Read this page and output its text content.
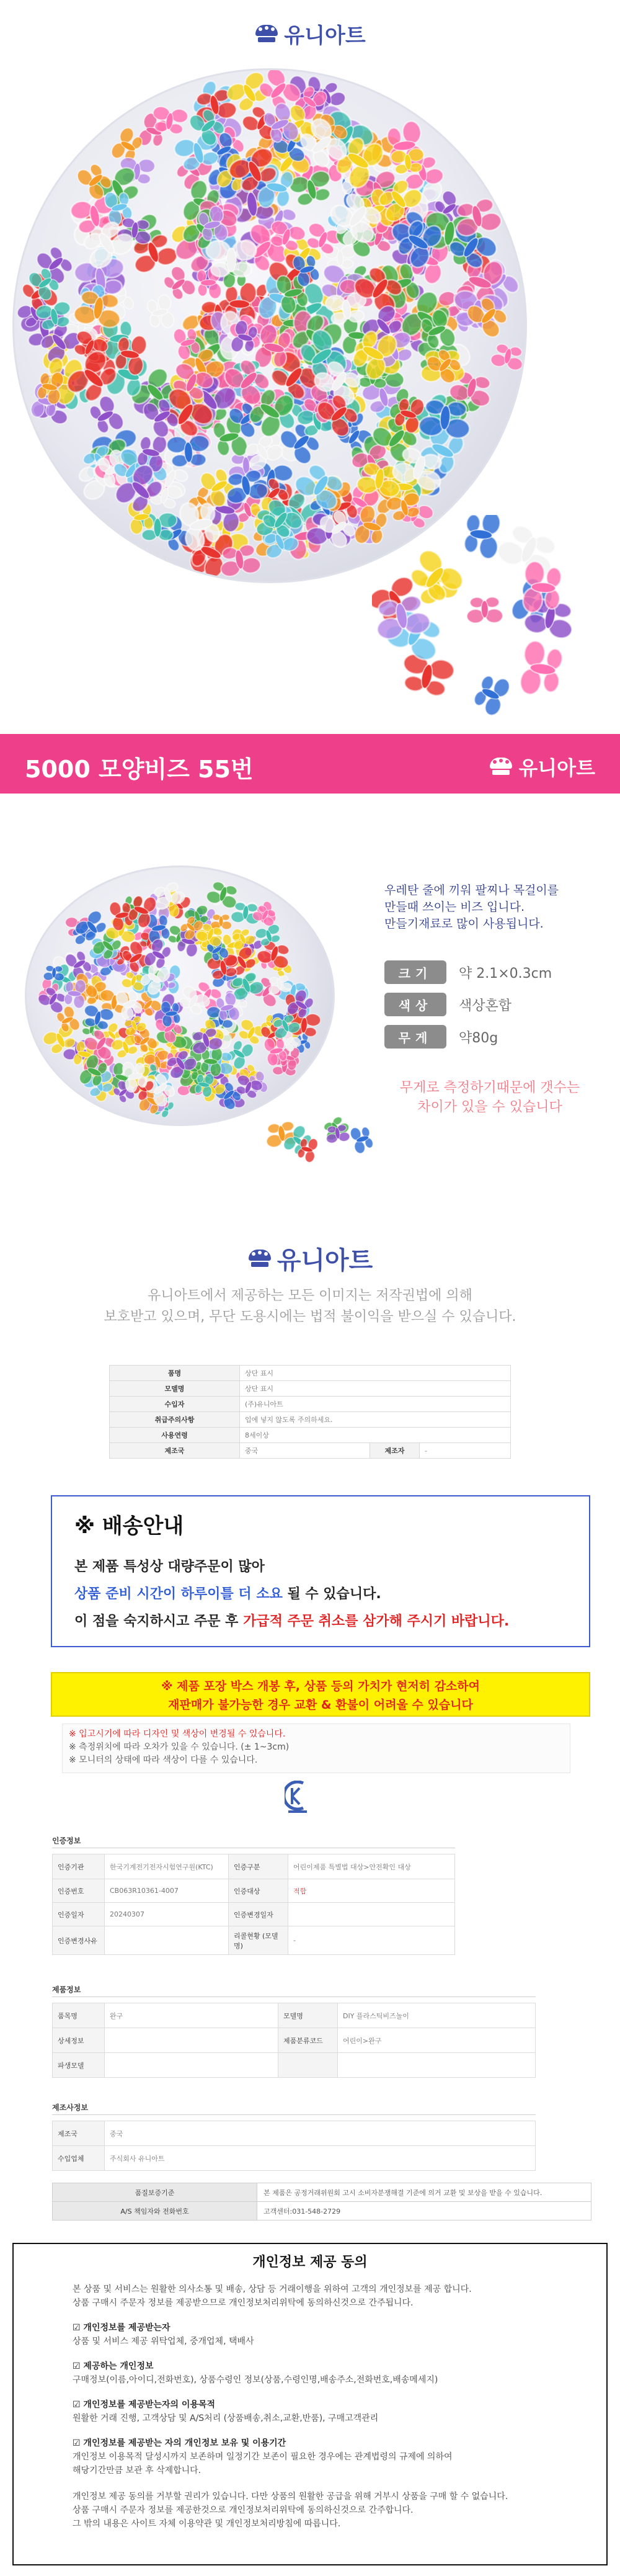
유니아트
5000 모양비즈 55번	유니아트
우레탄 줄에 끼워 팔찌나 목걸이를
만들때 쓰이는 비즈 입니다.
만들기재료로 많이 사용됩니다.
크기	약 2.1×0.3cm
색상	색상혼합
무게	약80g
무게로 측정하기때문에 갯수는
차이가 있을 수 있습니다
유니아트
유니아트에서 제공하는 모든 이미지는 저작권법에 의해
보호받고 있으며, 무단 도용시에는 법적 불이익을 받으실 수 있습니다.
품명	상단 표시		
모델명	상단 표시		
수입자	(주)유니아트		
취급주의사항	입에 넣지 않도록 주의하세요.		
사용연령	8세이상		
제조국	중국	제조자	-
※ 배송안내
본 제품 특성상 대량주문이 많아
상품 준비 시간이 하루이틀 더 소요 될 수 있습니다.
이 점을 숙지하시고 주문 후 가급적 주문 취소를 삼가해 주시기 바랍니다.
※ 제품 포장 박스 개봉 후, 상품 등의 가치가 현저히 감소하여
재판매가 불가능한 경우 교환 & 환불이 어려울 수 있습니다
※ 입고시기에 따라 디자인 및 색상이 변경될 수 있습니다.
※ 측정위치에 따라 오차가 있을 수 있습니다. (± 1~3cm)
※ 모니터의 상태에 따라 색상이 다를 수 있습니다.
인증정보
인증기관	한국기계전기전자시험연구원(KTC)	인증구분	어린이제품 특별법 대상>안전확인 대상
인증번호	CB063R10361-4007	인증대상	적합
인증일자	20240307	인증변경일자	
인증변경사유		리콜현황 (모델명)	-
제품정보
품목명	완구	모델명	DIY 플라스틱비즈놀이
상세정보		제품분류코드	어린이>완구
파생모델			
제조사정보
제조국	중국
수입업체	주식회사 유니아트
품질보증기준	본 제품은 공정거래위원회 고시 소비자분쟁해결 기준에 의거 교환 및 보상을 받을 수 있습니다.
A/S 책임자와 전화번호	고객센터:031-548-2729
개인정보 제공 동의
본 상품 및 서비스는 원활한 의사소통 및 배송, 상담 등 거래이행을 위하여 고객의 개인정보를 제공 합니다.
상품 구매시 주문자 정보를 제공받으므로 개인정보처리위탁에 동의하신것으로 간주됩니다.
☑ 개인정보를 제공받는자
상품 및 서비스 제공 위탁업체, 중개업체, 택배사
☑ 제공하는 개인정보
구매정보(이름,아이디,전화번호), 상품수령인 정보(상품,수령인명,배송주소,전화번호,배송메세지)
☑ 개인정보를 제공받는자의 이용목적
원활한 거래 진행, 고객상담 및 A/S처리 (상품배송,취소,교환,반품), 구매고객관리
☑ 개인정보를 제공받는 자의 개인정보 보유 및 이용기간
개인정보 이용목적 달성시까지 보존하며 일정기간 보존이 필요한 경우에는 관계법령의 규제에 의하여
해당기간만큼 보관 후 삭제합니다.
개인정보 제공 동의를 거부할 권리가 있습니다. 다만 상품의 원활한 공급을 위해 거부시 상품을 구매 할 수 없습니다.
상품 구매시 주문자 정보를 제공한것으로 개인정보처리위탁에 동의하신것으로 간주합니다.
그 밖의 내용은 사이트 자체 이용약관 및 개인정보처리방침에 따릅니다.
